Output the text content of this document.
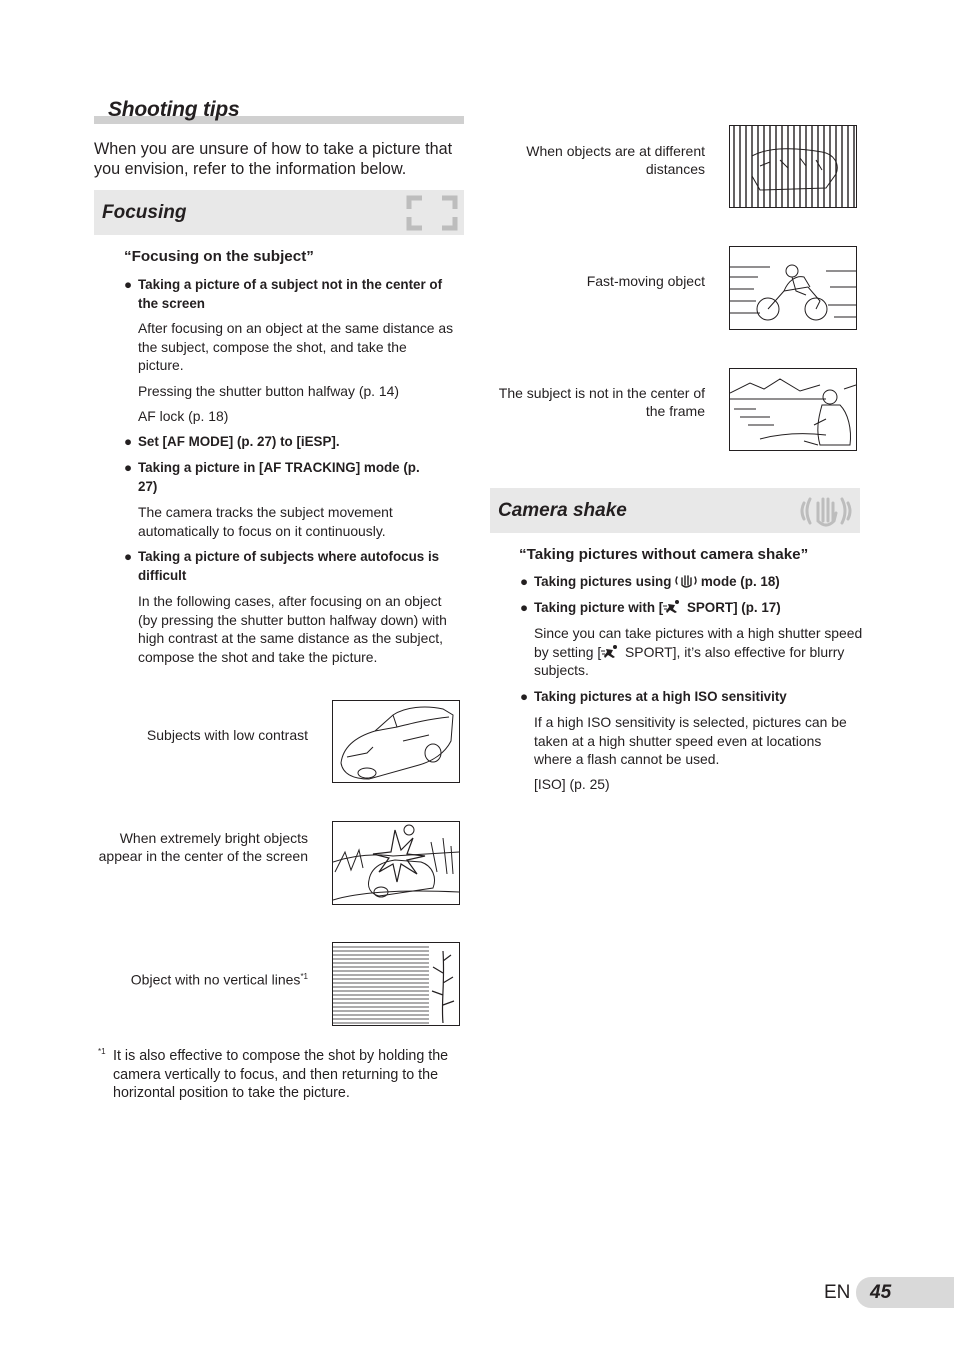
Shooting tips

When you are unsure of how to take a picture that you envision, refer to the information below.

Focusing

“Focusing on the subject”

● Taking a picture of a subject not in the center of the screen

After focusing on an object at the same distance as the subject, compose the shot, and take the picture.

Pressing the shutter button halfway (p. 14)

AF lock (p. 18)

● Set [AF MODE] (p. 27) to [iESP].

● Taking a picture in [AF TRACKING] mode (p. 27)

The camera tracks the subject movement automatically to focus on it continuously.

● Taking a picture of subjects where autofocus is difficult

In the following cases, after focusing on an object (by pressing the shutter button halfway down) with high contrast at the same distance as the subject, compose the shot and take the picture.

Subjects with low contrast

When extremely bright objects appear in the center of the screen

Object with no vertical lines$^{*1}$

*1 It is also effective to compose the shot by holding the camera vertically to focus, and then returning to the horizontal position to take the picture.

When objects are at different distances

Fast-moving object

The subject is not in the center of the frame

Camera shake

“Taking pictures without camera shake”

● Taking pictures using mode (p. 18)

● Taking picture with [ SPORT] (p. 17)

Since you can take pictures with a high shutter speed by setting [ SPORT], it’s also effective for blurry subjects.

● Taking pictures at a high ISO sensitivity

If a high ISO sensitivity is selected, pictures can be taken at a high shutter speed even at locations where a flash cannot be used.

[ISO] (p. 25)

EN 45
